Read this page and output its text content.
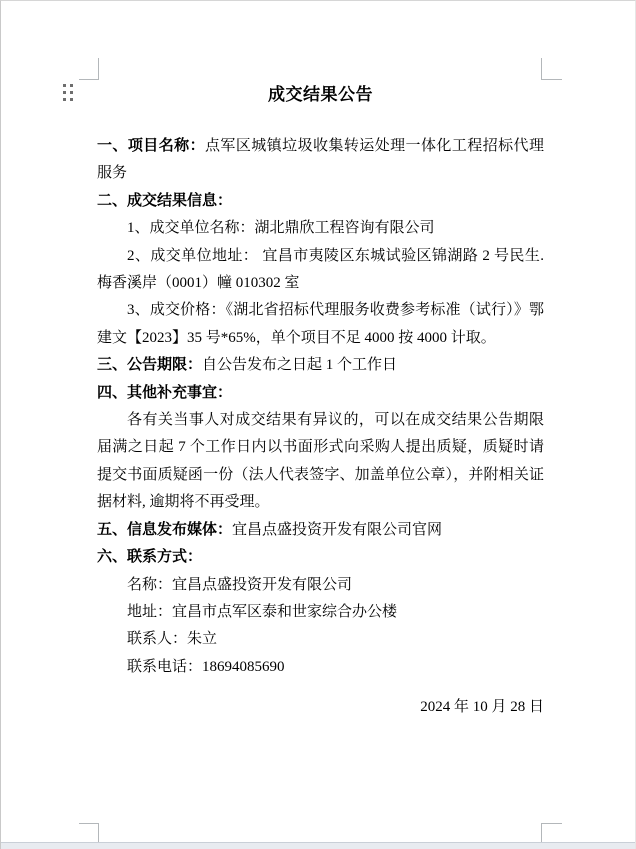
成交结果公告
一、项目名称：点军区城镇垃圾收集转运处理一体化工程招标代理服务
二、成交结果信息：
1、成交单位名称：湖北鼎欣工程咨询有限公司
2、成交单位地址： 宜昌市夷陵区东城试验区锦湖路 2 号民生.梅香溪岸（0001）幢 010302 室
3、成交价格：《湖北省招标代理服务收费参考标准（试行）》鄂建文【2023】35 号*65%，单个项目不足 4000 按 4000 计取。
三、公告期限：自公告发布之日起 1 个工作日
四、其他补充事宜：
各有关当事人对成交结果有异议的，可以在成交结果公告期限届满之日起 7 个工作日内以书面形式向采购人提出质疑，质疑时请提交书面质疑函一份（法人代表签字、加盖单位公章），并附相关证据材料, 逾期将不再受理。
五、信息发布媒体：宜昌点盛投资开发有限公司官网
六、联系方式：
名称：宜昌点盛投资开发有限公司
地址：宜昌市点军区泰和世家综合办公楼
联系人：朱立
联系电话：18694085690
2024 年 10 月 28 日
